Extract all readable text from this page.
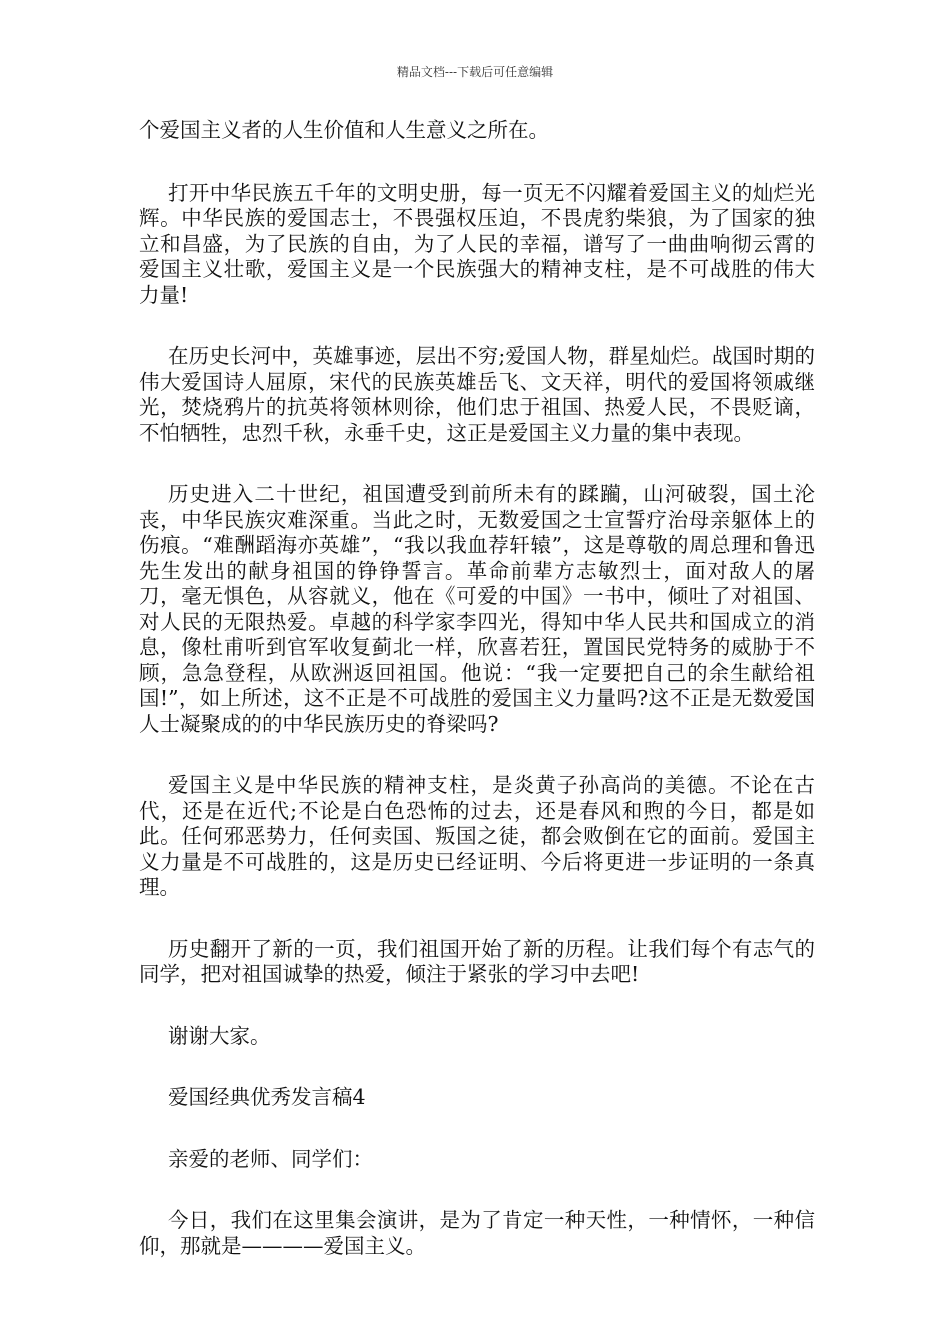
精品文档---下载后可任意编辑

个爱国主义者的人生价值和人生意义之所在。

打开中华民族五千年的文明史册，每一页无不闪耀着爱国主义的灿烂光辉。中华民族的爱国志士，不畏强权压迫，不畏虎豹柴狼，为了国家的独立和昌盛，为了民族的自由，为了人民的幸福，谱写了一曲曲响彻云霄的爱国主义壮歌，爱国主义是一个民族强大的精神支柱，是不可战胜的伟大力量!

在历史长河中，英雄事迹，层出不穷;爱国人物，群星灿烂。战国时期的伟大爱国诗人屈原，宋代的民族英雄岳飞、文天祥，明代的爱国将领戚继光，焚烧鸦片的抗英将领林则徐，他们忠于祖国、热爱人民，不畏贬谪，不怕牺牲，忠烈千秋，永垂千史，这正是爱国主义力量的集中表现。

历史进入二十世纪，祖国遭受到前所未有的蹂躏，山河破裂，国土沦丧，中华民族灾难深重。当此之时，无数爱国之士宣誓疗治母亲躯体上的伤痕。“难酬蹈海亦英雄”，“我以我血荐轩辕”，这是尊敬的周总理和鲁迅先生发出的献身祖国的铮铮誓言。革命前辈方志敏烈士，面对敌人的屠刀，毫无惧色，从容就义，他在《可爱的中国》一书中，倾吐了对祖国、对人民的无限热爱。卓越的科学家李四光，得知中华人民共和国成立的消息，像杜甫听到官军收复蓟北一样，欣喜若狂，置国民党特务的威胁于不顾，急急登程，从欧洲返回祖国。他说：“我一定要把自己的余生献给祖国!”，如上所述，这不正是不可战胜的爱国主义力量吗?这不正是无数爱国人士凝聚成的的中华民族历史的脊梁吗?

爱国主义是中华民族的精神支柱，是炎黄子孙高尚的美德。不论在古代，还是在近代;不论是白色恐怖的过去，还是春风和煦的今日，都是如此。任何邪恶势力，任何卖国、叛国之徒，都会败倒在它的面前。爱国主义力量是不可战胜的，这是历史已经证明、今后将更进一步证明的一条真理。

历史翻开了新的一页，我们祖国开始了新的历程。让我们每个有志气的同学，把对祖国诚挚的热爱，倾注于紧张的学习中去吧!

谢谢大家。

爱国经典优秀发言稿4

亲爱的老师、同学们：

今日，我们在这里集会演讲，是为了肯定一种天性，一种情怀，一种信仰，那就是————爱国主义。
